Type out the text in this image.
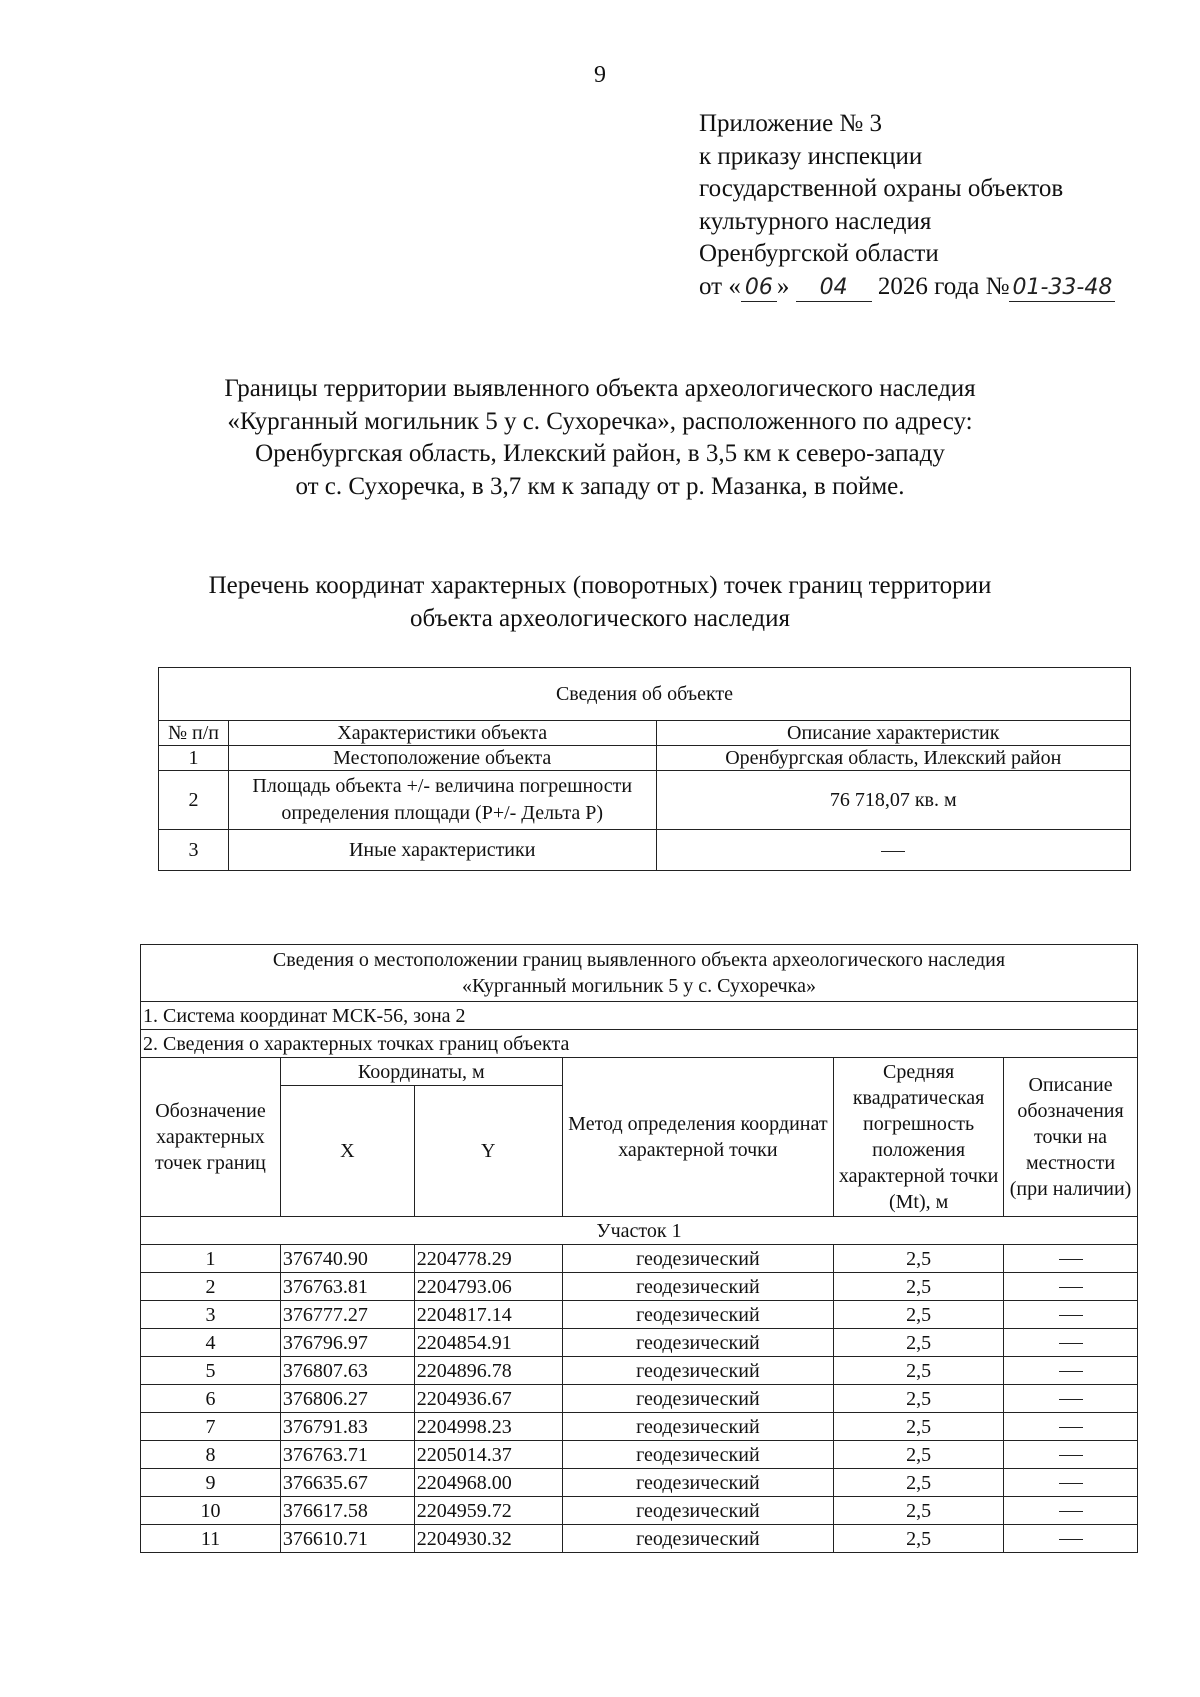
9
Приложение № 3
к приказу инспекции
государственной охраны объектов
культурного наследия
Оренбургской области
от « 06 » 04 2026 года № 01-33-48
Границы территории выявленного объекта археологического наследия
«Курганный могильник 5 у с. Сухоречка», расположенного по адресу:
Оренбургская область, Илекский район, в 3,5 км к северо-западу
от с. Сухоречка, в 3,7 км к западу от р. Мазанка, в пойме.
Перечень координат характерных (поворотных) точек границ территории
объекта археологического наследия
Сведения об объекте		
№ п/п	Характеристики объекта	Описание характеристик
1	Местоположение объекта	Оренбургская область, Илекский район
2	Площадь объекта +/- величина погрешности определения площади (Р+/- Дельта Р)	76 718,07 кв. м
3	Иные характеристики	
Сведения о местоположении границ выявленного объекта археологического наследия
«Курганный могильник 5 у с. Сухоречка»					

1. Система координат МСК-56, зона 2					
2. Сведения о характерных точках границ объекта					
Обозначение характерных точек границ	Координаты, м		Метод определения координат характерной точки	Средняя квадратическая погрешность положения характерной точки (Mt), м	Описание обозначения точки на местности (при наличии)
	X	Y			
Участок 1					
1	376740.90	2204778.29	геодезический	2,5	
2	376763.81	2204793.06	геодезический	2,5	
3	376777.27	2204817.14	геодезический	2,5	
4	376796.97	2204854.91	геодезический	2,5	
5	376807.63	2204896.78	геодезический	2,5	
6	376806.27	2204936.67	геодезический	2,5	
7	376791.83	2204998.23	геодезический	2,5	
8	376763.71	2205014.37	геодезический	2,5	
9	376635.67	2204968.00	геодезический	2,5	
10	376617.58	2204959.72	геодезический	2,5	
11	376610.71	2204930.32	геодезический	2,5	
